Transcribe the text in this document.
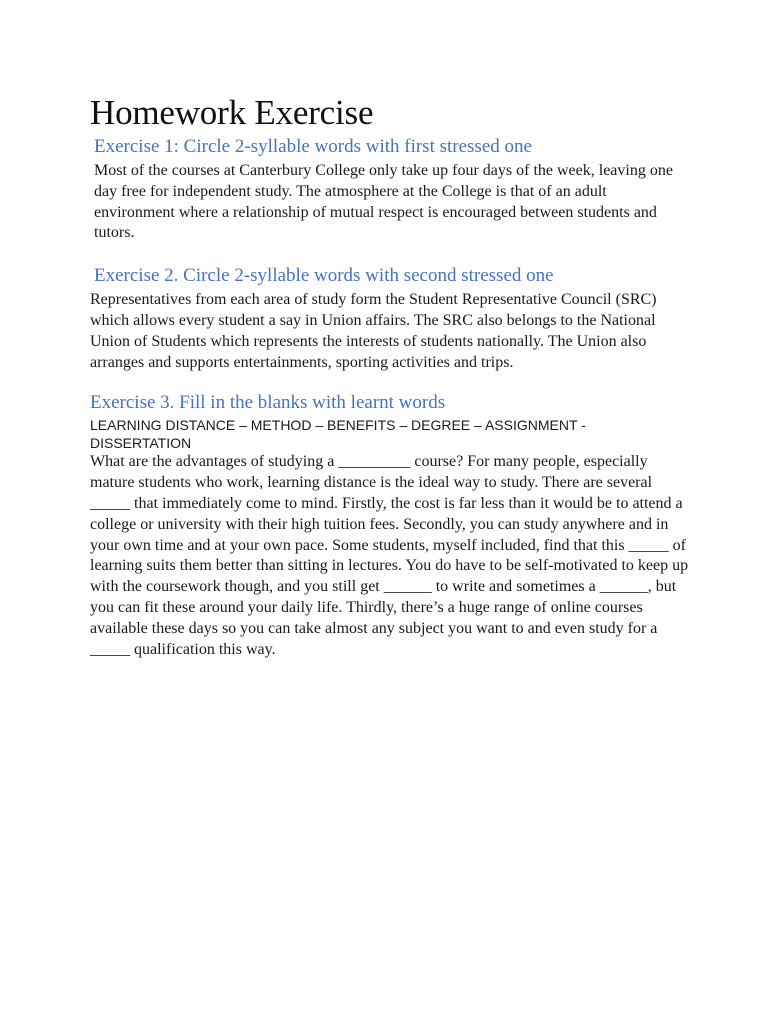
Homework Exercise
Exercise 1: Circle 2-syllable words with first stressed one

Most of the courses at Canterbury College only take up four days of the week, leaving one day free for independent study. The atmosphere at the College is that of an adult environment where a relationship of mutual respect is encouraged between students and tutors.

Exercise 2. Circle 2-syllable words with second stressed one

Representatives from each area of study form the Student Representative Council (SRC) which allows every student a say in Union affairs. The SRC also belongs to the National Union of Students which represents the interests of students nationally. The Union also arranges and supports entertainments, sporting activities and trips.

Exercise 3. Fill in the blanks with learnt words

LEARNING DISTANCE – METHOD – BENEFITS – DEGREE – ASSIGNMENT - DISSERTATION

What are the advantages of studying a _________ course? For many people, especially mature students who work, learning distance is the ideal way to study. There are several _____ that immediately come to mind. Firstly, the cost is far less than it would be to attend a college or university with their high tuition fees. Secondly, you can study anywhere and in your own time and at your own pace. Some students, myself included, find that this _____ of learning suits them better than sitting in lectures. You do have to be self-motivated to keep up with the coursework though, and you still get ______ to write and sometimes a ______, but you can fit these around your daily life. Thirdly, there’s a huge range of online courses available these days so you can take almost any subject you want to and even study for a _____ qualification this way.
